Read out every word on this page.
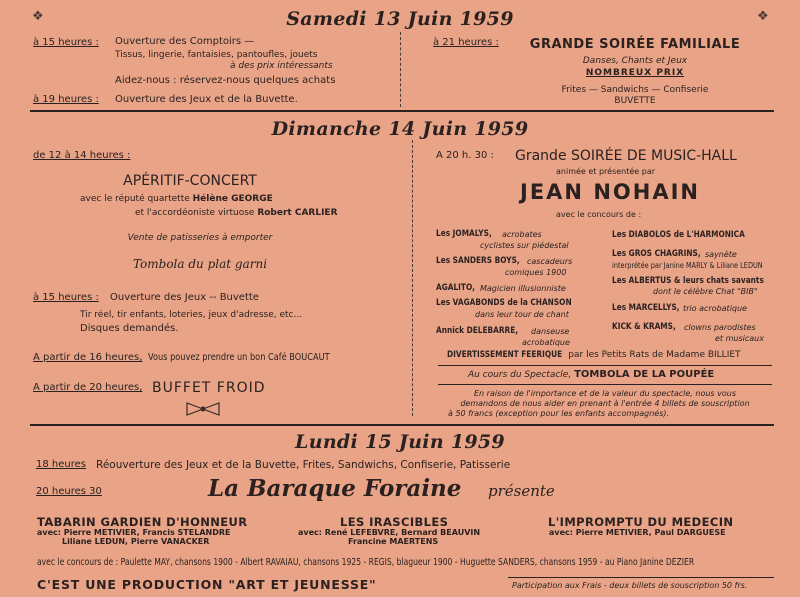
❖	❖
Samedi 13 Juin 1959
à 15 heures : Ouverture des Comptoirs —
Tissus, lingerie, fantaisies, pantoufles, jouets
à des prix intéressants
Aidez-nous : réservez-nous quelques achats
à 19 heures : Ouverture des Jeux et de la Buvette.
à 21 heures :	GRANDE SOIRÉE FAMILIALE
Danses, Chants et Jeux
NOMBREUX PRIX
Frites — Sandwichs — Confiserie
BUVETTE
Dimanche 14 Juin 1959
de 12 à 14 heures :
APÉRITIF-CONCERT
avec le réputé quartette Hélène GEORGE
et l'accordéoniste virtuose Robert CARLIER
Vente de patisseries à emporter
Tombola du plat garni
à 15 heures : Ouverture des Jeux -- Buvette
Tir réel, tir enfants, loteries, jeux d'adresse, etc...
Disques demandés.
A partir de 16 heures, Vous pouvez prendre un bon Café BOUCAUT
A partir de 20 heures, BUFFET FROID
A 20 h. 30 : Grande SOIRÉE DE MUSIC-HALL
animée et présentée par
JEAN NOHAIN
avec le concours de :
Les JOMALYS, acrobates
cyclistes sur piédestal
Les SANDERS BOYS, cascadeurs
comiques 1900
AGALITO, Magicien illusionniste
Les VAGABONDS de la CHANSON
dans leur tour de chant
Annick DELEBARRE, danseuse
acrobatique
Les DIABOLOS de L'HARMONICA
Les GROS CHAGRINS, saynète
interprétée par Janine MARLY & Liliane LEDUN
Les ALBERTUS & leurs chats savants
dont le célèbre Chat "BIB"
Les MARCELLYS, trio acrobatique
KICK & KRAMS, clowns parodistes
et musicaux
DIVERTISSEMENT FEERIQUE par les Petits Rats de Madame BILLIET
Au cours du Spectacle, TOMBOLA DE LA POUPÉE
En raison de l'importance et de la valeur du spectacle, nous vous
demandons de nous aider en prenant à l'entrée 4 billets de souscription
à 50 francs (exception pour les enfants accompagnés).
Lundi 15 Juin 1959
18 heures Réouverture des Jeux et de la Buvette, Frites, Sandwichs, Confiserie, Patisserie
20 heures 30	La Baraque Foraine présente
TABARIN GARDIEN D'HONNEUR
avec: Pierre METIVIER, Francis STELANDRE
Liliane LEDUN, Pierre VANACKER
LES IRASCIBLES
avec: René LEFEBVRE, Bernard BEAUVIN
Francine MAERTENS
L'IMPROMPTU DU MEDECIN
avec: Pierre METIVIER, Paul DARGUESE
avec le concours de : Paulette MAY, chansons 1900 - Albert RAVAIAU, chansons 1925 - REGIS, blagueur 1900 - Huguette SANDERS, chansons 1959 - au Piano Janine DEZIER
C'EST UNE PRODUCTION "ART ET JEUNESSE"	Participation aux Frais - deux billets de souscription 50 frs.
